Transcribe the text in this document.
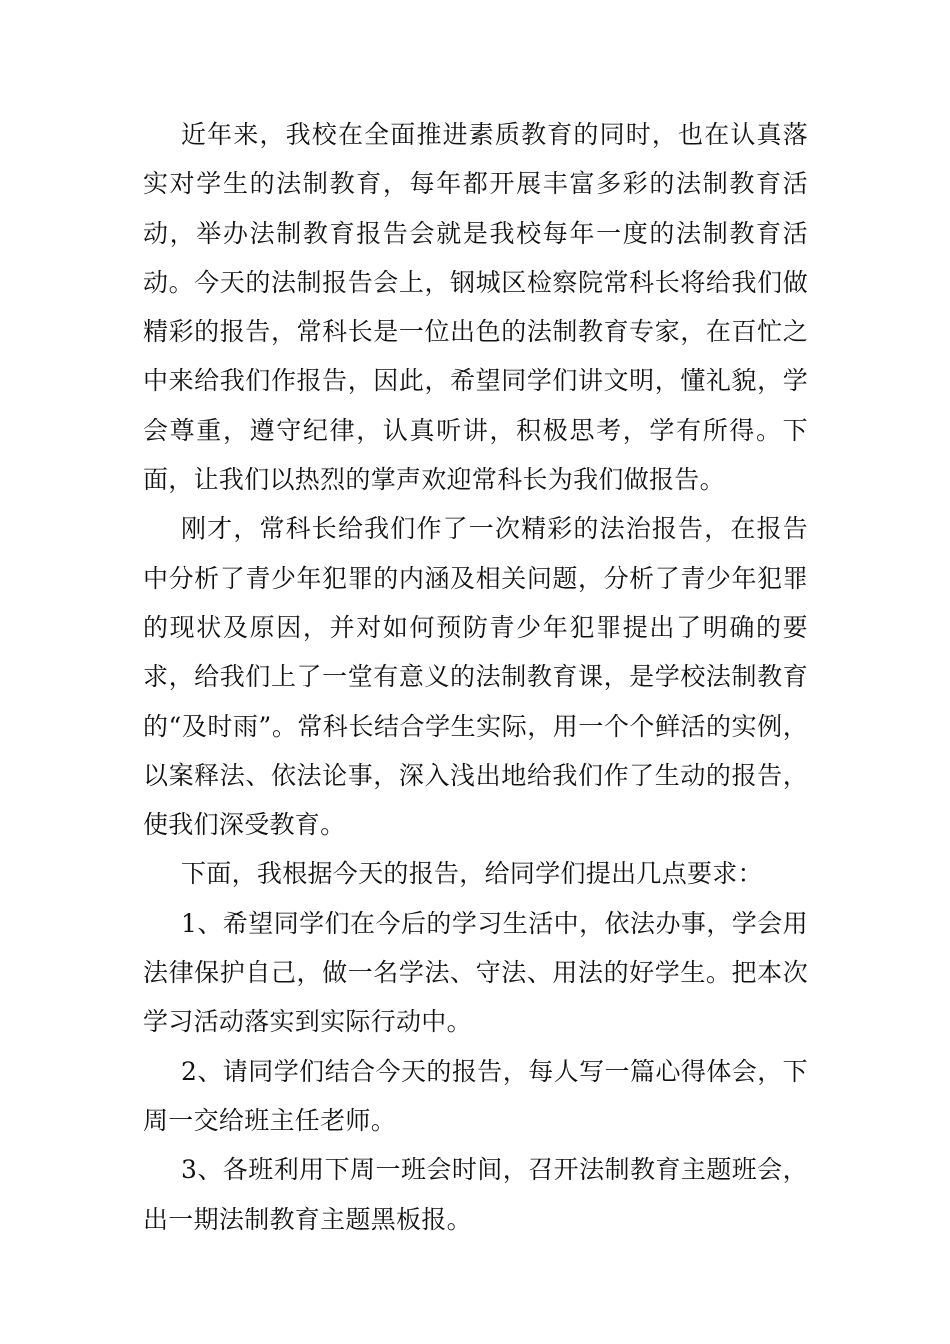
近年来，我校在全面推进素质教育的同时，也在认真落实对学生的法制教育，每年都开展丰富多彩的法制教育活动，举办法制教育报告会就是我校每年一度的法制教育活动。今天的法制报告会上，钢城区检察院常科长将给我们做精彩的报告，常科长是一位出色的法制教育专家，在百忙之中来给我们作报告，因此，希望同学们讲文明，懂礼貌，学会尊重，遵守纪律，认真听讲，积极思考，学有所得。下面，让我们以热烈的掌声欢迎常科长为我们做报告。

刚才，常科长给我们作了一次精彩的法治报告，在报告中分析了青少年犯罪的内涵及相关问题，分析了青少年犯罪的现状及原因，并对如何预防青少年犯罪提出了明确的要求，给我们上了一堂有意义的法制教育课，是学校法制教育的“及时雨”。常科长结合学生实际，用一个个鲜活的实例，以案释法、依法论事，深入浅出地给我们作了生动的报告，使我们深受教育。

下面，我根据今天的报告，给同学们提出几点要求：

1、希望同学们在今后的学习生活中，依法办事，学会用法律保护自己，做一名学法、守法、用法的好学生。把本次学习活动落实到实际行动中。

2、请同学们结合今天的报告，每人写一篇心得体会，下周一交给班主任老师。

3、各班利用下周一班会时间，召开法制教育主题班会，出一期法制教育主题黑板报。
